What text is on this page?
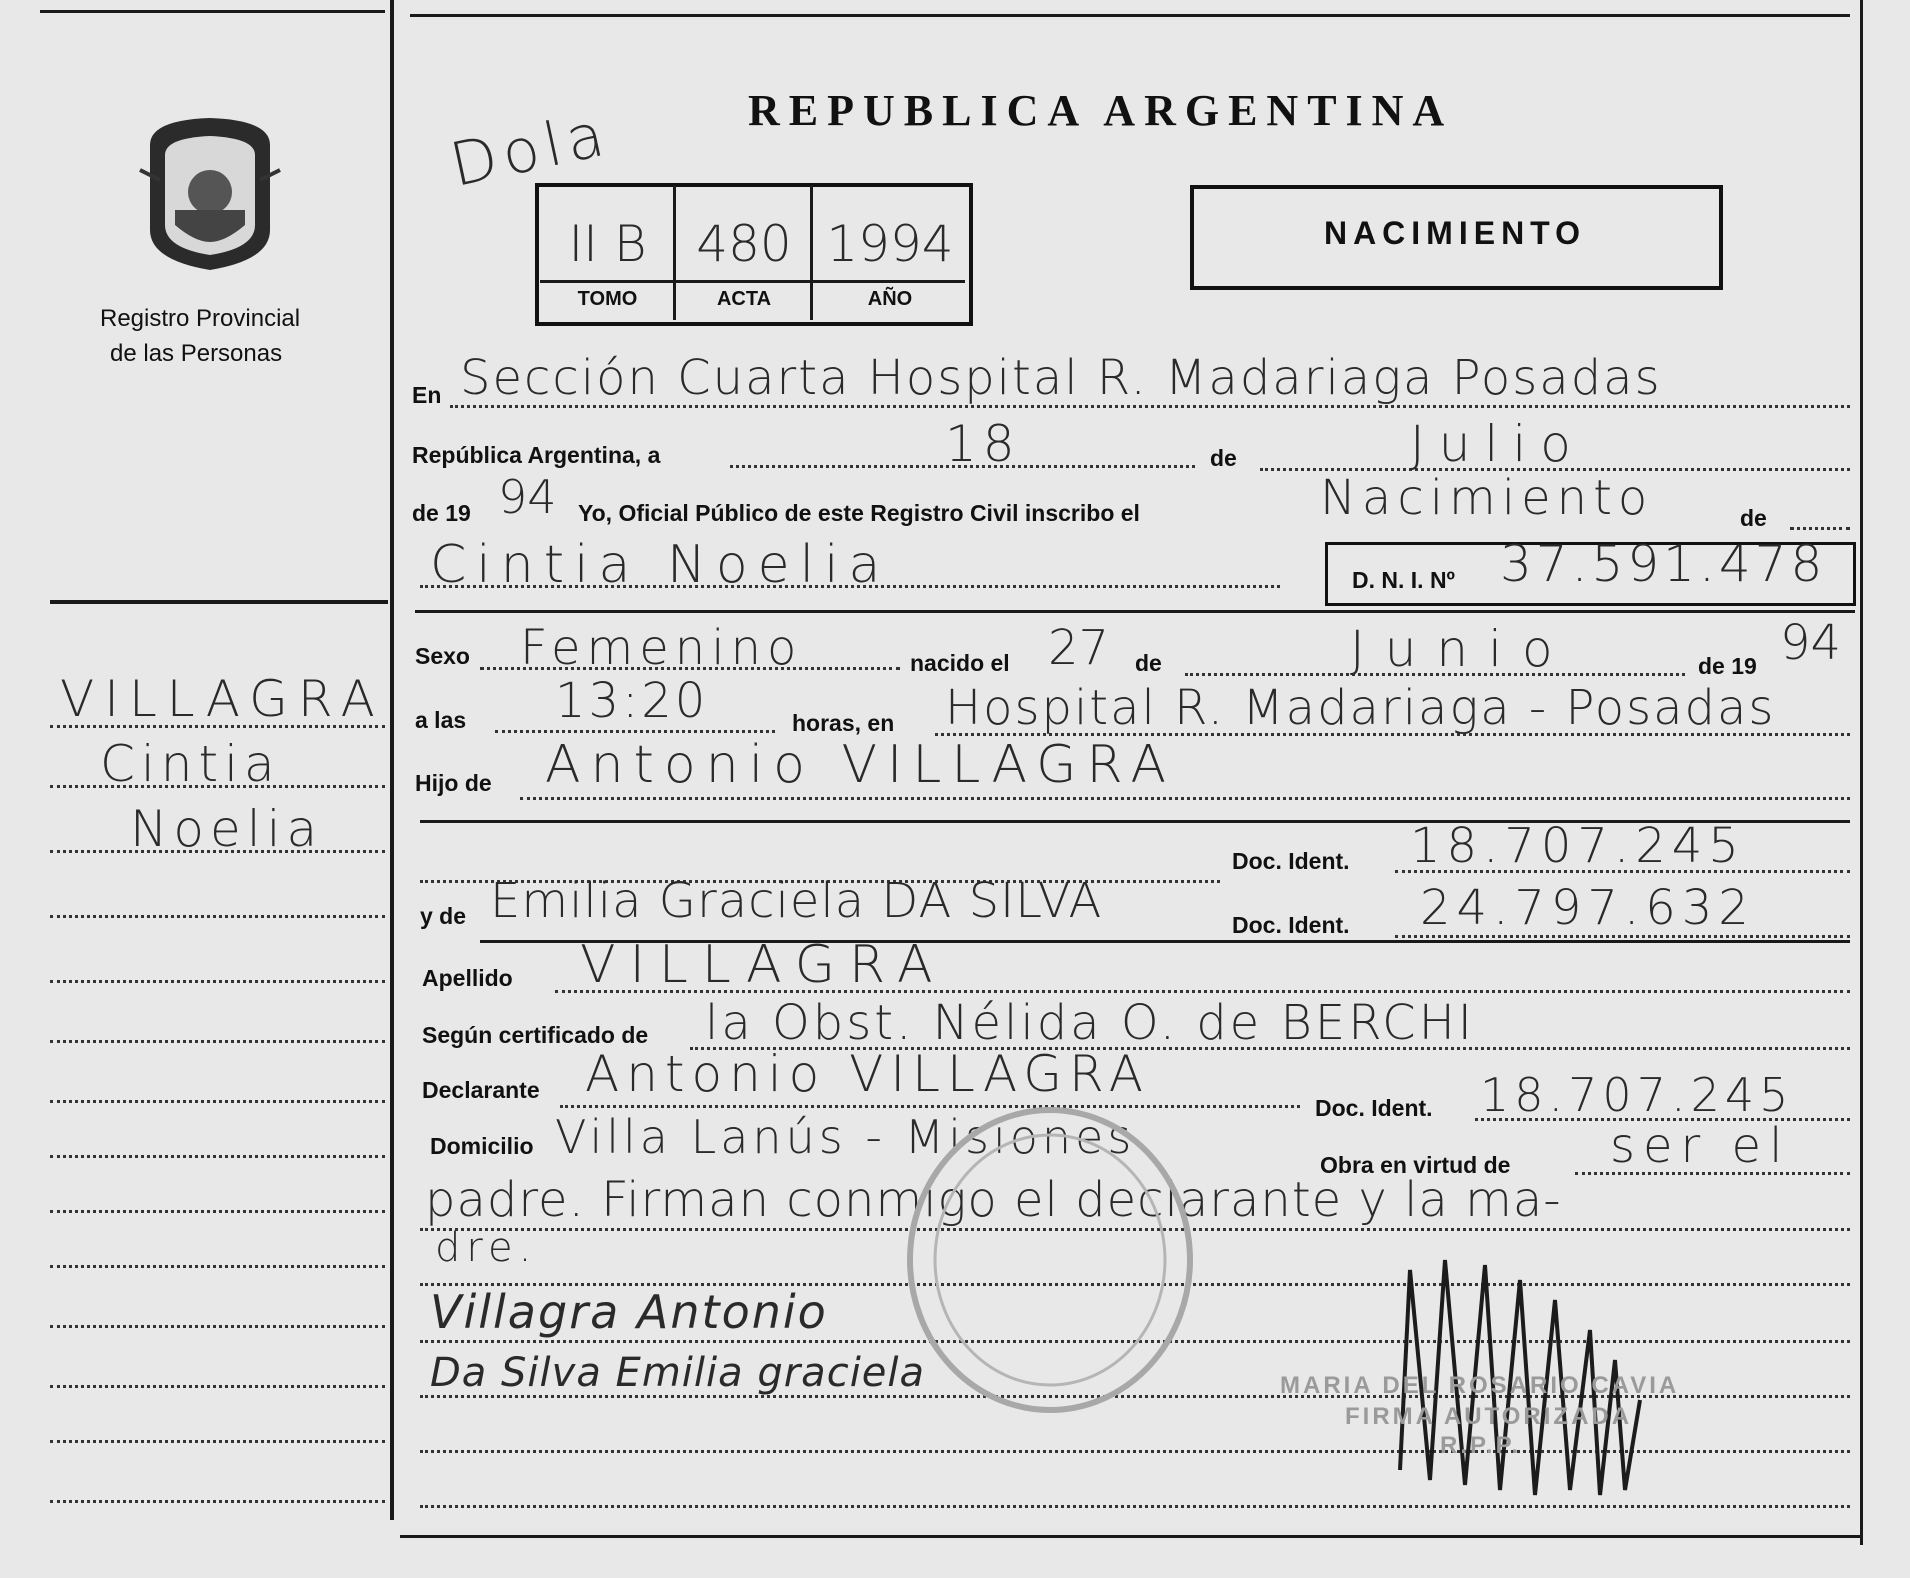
Registro Provincial
de las Personas
VILLAGRA
Cintia
Noelia
REPUBLICA ARGENTINA
Dola
II B 480 1994
TOMO	ACTA	AÑO
NACIMIENTO
En Sección Cuarta Hospital R. Madariaga Posadas
República Argentina, a	18	de	Julio
de 19 94 Yo, Oficial Público de este Registro Civil inscribo el	Nacimiento	de
Cintia Noelia	D. N. I. Nº 37.591.478
Sexo Femenino	nacido el 27 de	Junio	de 19 94
a las 13:20	horas, en Hospital R. Madariaga - Posadas
Hijo de Antonio VILLAGRA
Doc. Ident. 18.707.245
y de Emilia Graciela DA SILVA	Doc. Ident. 24.797.632
Apellido VILLAGRA
Según certificado de la Obst. Nélida O. de BERCHI
Declarante Antonio VILLAGRA
Doc. Ident. 18.707.245
Domicilio Villa Lanús - Misiones
Obra en virtud de ser el
padre. Firman conmigo el declarante y la ma-
dre.
Villagra Antonio
Da Silva Emilia graciela	MARIA DEL ROSARIO CAVIA
FIRMA AUTORIZADA
R.P.P.
